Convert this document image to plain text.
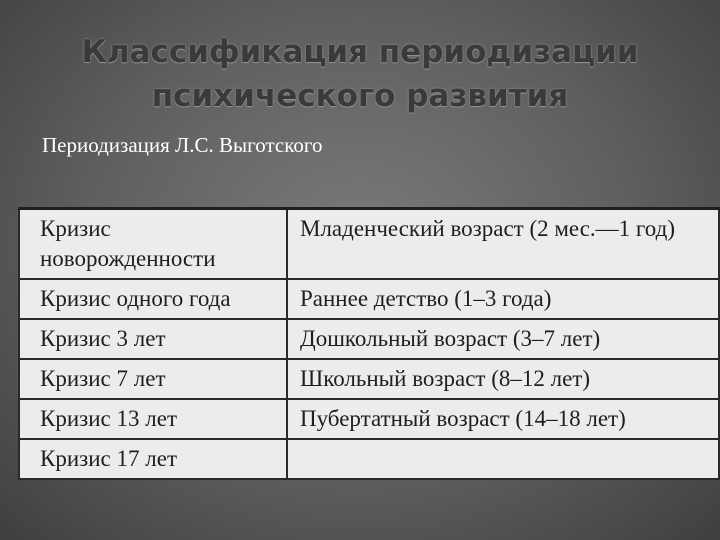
Классификация периодизации
психического развития
Периодизация Л.С. Выготского
Кризис новорожденности	Младенческий возраст (2 мес.—1 год)
Кризис одного года	Раннее детство (1–3 года)
Кризис 3 лет	Дошкольный возраст (3–7 лет)
Кризис 7 лет	Школьный возраст (8–12 лет)
Кризис 13 лет	Пубертатный возраст (14–18 лет)
Кризис 17 лет	
